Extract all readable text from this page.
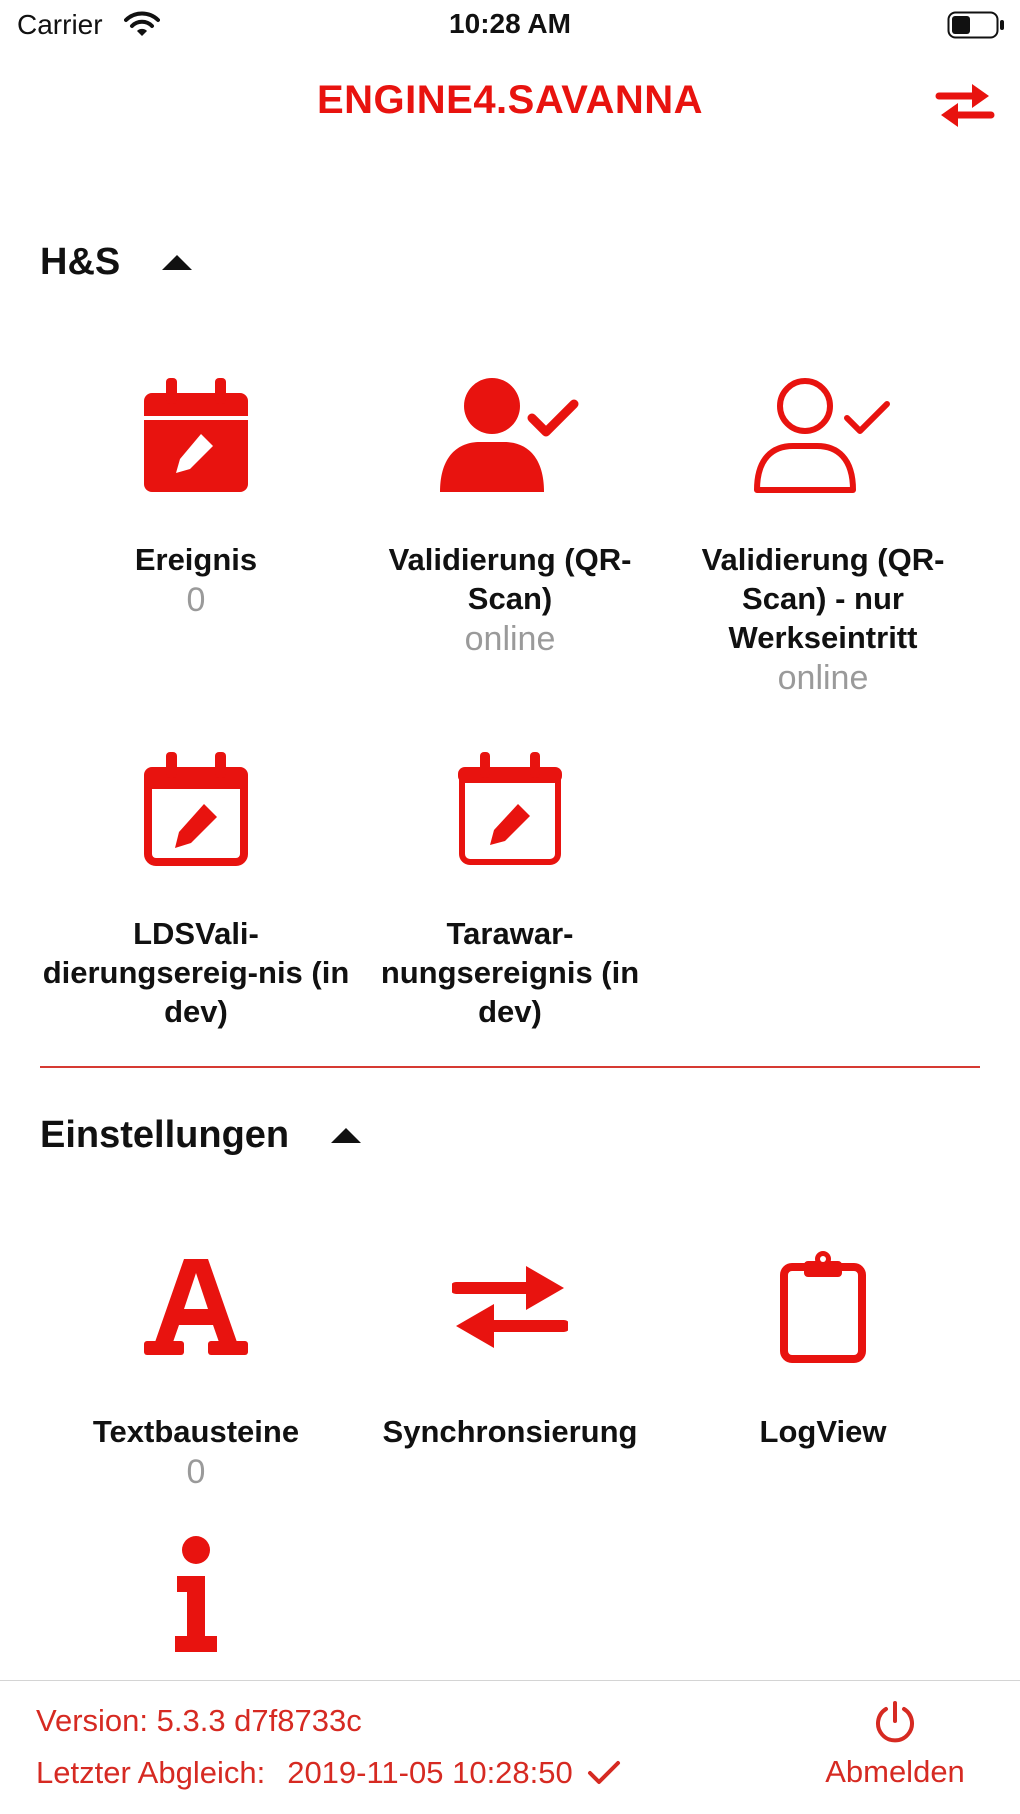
Carrier	10:28 AM
ENGINE4.SAVANNA
H&S
Ereignis
0
Validierung (QR-Scan)
online
Validierung (QR-Scan) - nur Werkseintritt
online
LDSVali-dierungsereig-nis (in dev)
Tarawar-nungsereignis (in dev)
Einstellungen
Textbausteine
0
Synchronsierung	LogView
Version: 5.3.3 d7f8733c
Letzter Abgleich: 2019-11-05 10:28:50	Abmelden
